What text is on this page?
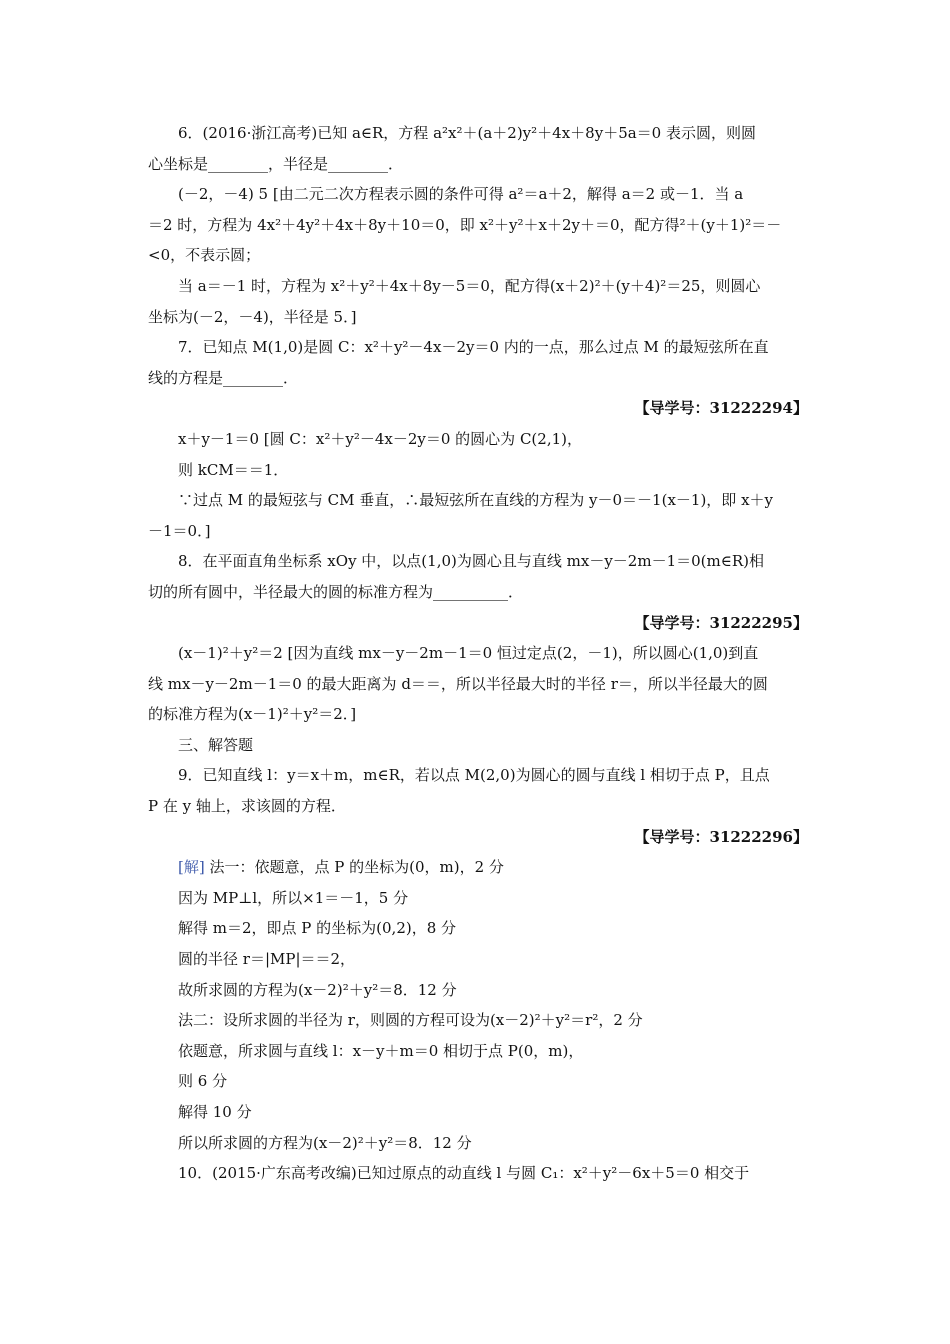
6．(2016·浙江高考)已知 a∈R，方程 a²x²＋(a＋2)y²＋4x＋8y＋5a＝0 表示圆，则圆
心坐标是________，半径是________．
(－2，－4) 5 [由二元二次方程表示圆的条件可得 a²＝a＋2，解得 a＝2 或－1．当 a
＝2 时，方程为 4x²＋4y²＋4x＋8y＋10＝0，即 x²＋y²＋x＋2y＋＝0，配方得²＋(y＋1)²＝－
<0，不表示圆；
当 a＝－1 时，方程为 x²＋y²＋4x＋8y－5＝0，配方得(x＋2)²＋(y＋4)²＝25，则圆心
坐标为(－2，－4)，半径是 5．]
7．已知点 M(1,0)是圆 C：x²＋y²－4x－2y＝0 内的一点，那么过点 M 的最短弦所在直
线的方程是________．
【导学号：31222294】
x＋y－1＝0 [圆 C：x²＋y²－4x－2y＝0 的圆心为 C(2,1)，
则 kCM＝＝1．
∵过点 M 的最短弦与 CM 垂直，∴最短弦所在直线的方程为 y－0＝－1(x－1)，即 x＋y
－1＝0．]
8．在平面直角坐标系 xOy 中，以点(1,0)为圆心且与直线 mx－y－2m－1＝0(m∈R)相
切的所有圆中，半径最大的圆的标准方程为__________．
【导学号：31222295】
(x－1)²＋y²＝2 [因为直线 mx－y－2m－1＝0 恒过定点(2，－1)，所以圆心(1,0)到直
线 mx－y－2m－1＝0 的最大距离为 d＝＝，所以半径最大时的半径 r＝，所以半径最大的圆
的标准方程为(x－1)²＋y²＝2．]
三、解答题
9．已知直线 l：y＝x＋m，m∈R，若以点 M(2,0)为圆心的圆与直线 l 相切于点 P，且点
P 在 y 轴上，求该圆的方程．
【导学号：31222296】
[解] 法一：依题意，点 P 的坐标为(0，m)，2 分
因为 MP⊥l，所以×1＝－1，5 分
解得 m＝2，即点 P 的坐标为(0,2)，8 分
圆的半径 r＝|MP|＝＝2，
故所求圆的方程为(x－2)²＋y²＝8．12 分
法二：设所求圆的半径为 r，则圆的方程可设为(x－2)²＋y²＝r²，2 分
依题意，所求圆与直线 l：x－y＋m＝0 相切于点 P(0，m)，
则 6 分
解得 10 分
所以所求圆的方程为(x－2)²＋y²＝8．12 分
10．(2015·广东高考改编)已知过原点的动直线 l 与圆 C₁：x²＋y²－6x＋5＝0 相交于
